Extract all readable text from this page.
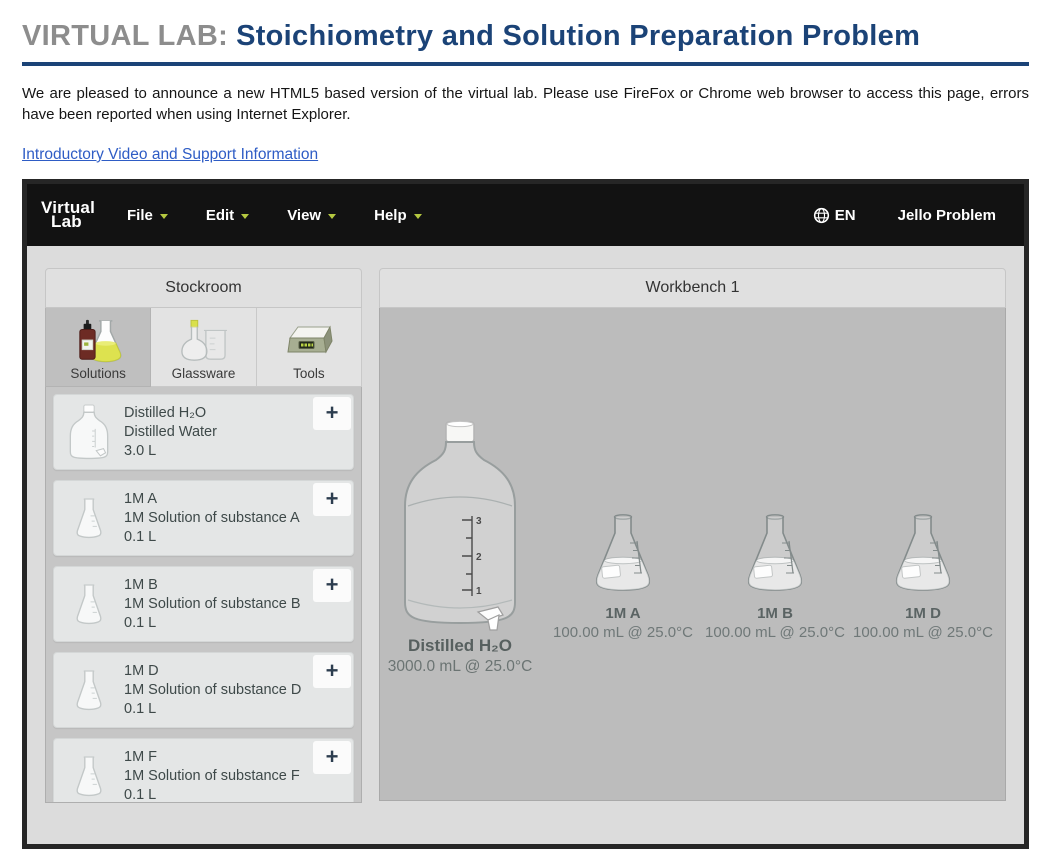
VIRTUAL LAB: Stoichiometry and Solution Preparation Problem
We are pleased to announce a new HTML5 based version of the virtual lab. Please use FireFox or Chrome web browser to access this page, errors have been reported when using Internet Explorer.
Introductory Video and Support Information
Virtual
Lab	File	Edit	View	Help	EN	Jello Problem
Stockroom
Solutions	Glassware	Tools
Distilled H₂O
Distilled Water
3.0 L
+
1M A
1M Solution of substance A
0.1 L
+
1M B
1M Solution of substance B
0.1 L
+
1M D
1M Solution of substance D
0.1 L
+
1M F
1M Solution of substance F
0.1 L
+
Workbench 1
3
2
1
Distilled H₂O
3000.0 mL @ 25.0°C
1M A
100.00 mL @ 25.0°C
1M B
100.00 mL @ 25.0°C
1M D
100.00 mL @ 25.0°C
